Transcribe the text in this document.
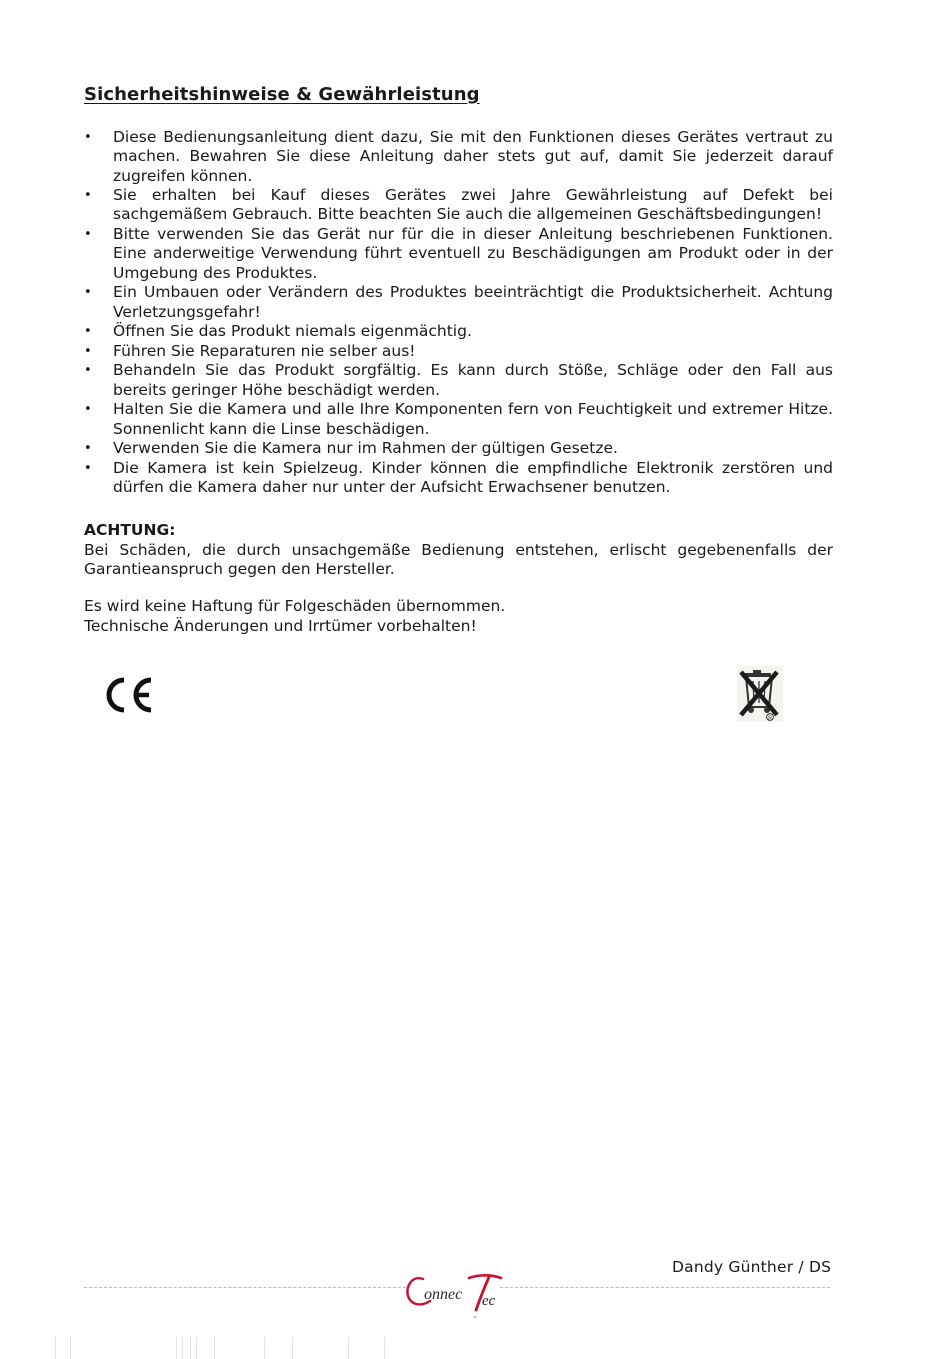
Sicherheitshinweise & Gewährleistung
• Diese Bedienungsanleitung dient dazu, Sie mit den Funktionen dieses Gerätes vertraut zu machen. Bewahren Sie diese Anleitung daher stets gut auf, damit Sie jederzeit darauf zugreifen können.
• Sie erhalten bei Kauf dieses Gerätes zwei Jahre Gewährleistung auf Defekt bei sachgemäßem Gebrauch. Bitte beachten Sie auch die allgemeinen Geschäftsbedingungen!
• Bitte verwenden Sie das Gerät nur für die in dieser Anleitung beschriebenen Funktionen. Eine anderweitige Verwendung führt eventuell zu Beschädigungen am Produkt oder in der Umgebung des Produktes.
• Ein Umbauen oder Verändern des Produktes beeinträchtigt die Produktsicherheit. Achtung Verletzungsgefahr!
• Öffnen Sie das Produkt niemals eigenmächtig.
• Führen Sie Reparaturen nie selber aus!
• Behandeln Sie das Produkt sorgfältig. Es kann durch Stöße, Schläge oder den Fall aus bereits geringer Höhe beschädigt werden.
• Halten Sie die Kamera und alle Ihre Komponenten fern von Feuchtigkeit und extremer Hitze. Sonnenlicht kann die Linse beschädigen.
• Verwenden Sie die Kamera nur im Rahmen der gültigen Gesetze.
• Die Kamera ist kein Spielzeug. Kinder können die empfindliche Elektronik zerstören und dürfen die Kamera daher nur unter der Aufsicht Erwachsener benutzen.
ACHTUNG:
Bei Schäden, die durch unsachgemäße Bedienung entstehen, erlischt gegebenenfalls der Garantieanspruch gegen den Hersteller.
Es wird keine Haftung für Folgeschäden übernommen.
Technische Änderungen und Irrtümer vorbehalten!
R
Dandy Günther / DS
onnec ec
